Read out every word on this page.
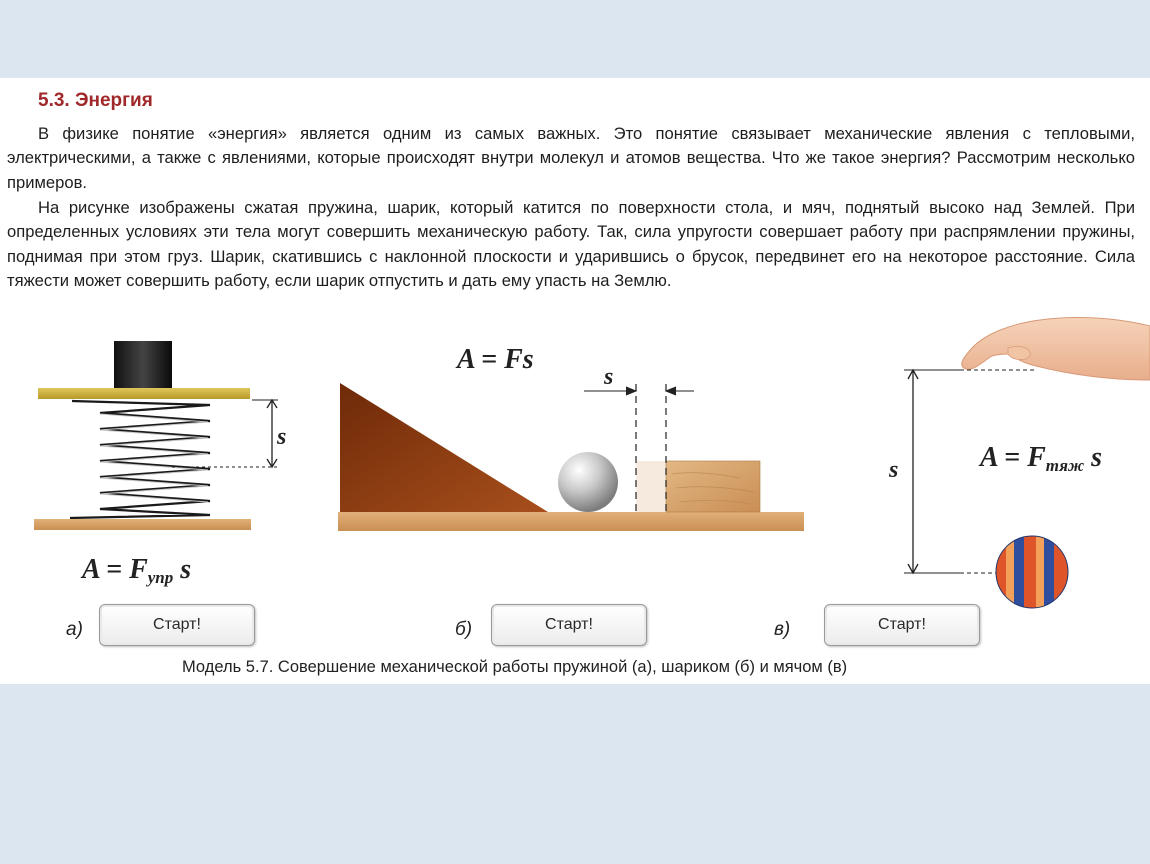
5.3. Энергия

В физике понятие «энергия» является одним из самых важных. Это понятие связывает механические явления с тепловыми, электрическими, а также с явлениями, которые происходят внутри молекул и атомов вещества. Что же такое энергия? Рассмотрим несколько примеров.

На рисунке изображены сжатая пружина, шарик, который катится по поверхности стола, и мяч, поднятый высоко над Землей. При определенных условиях эти тела могут совершить механическую работу. Так, сила упругости совершает работу при распрямлении пружины, поднимая при этом груз. Шарик, скатившись с наклонной плоскости и ударившись о брусок, передвинет его на некоторое расстояние. Сила тяжести может совершить работу, если шарик отпустить и дать ему упасть на Землю.

s
A = Fупр s
s
A = Fs
s	A = Fтяж s
а)	Старт!	б)	Старт!	в)	Старт!

Модель 5.7. Совершение механической работы пружиной (а), шариком (б) и мячом (в)
